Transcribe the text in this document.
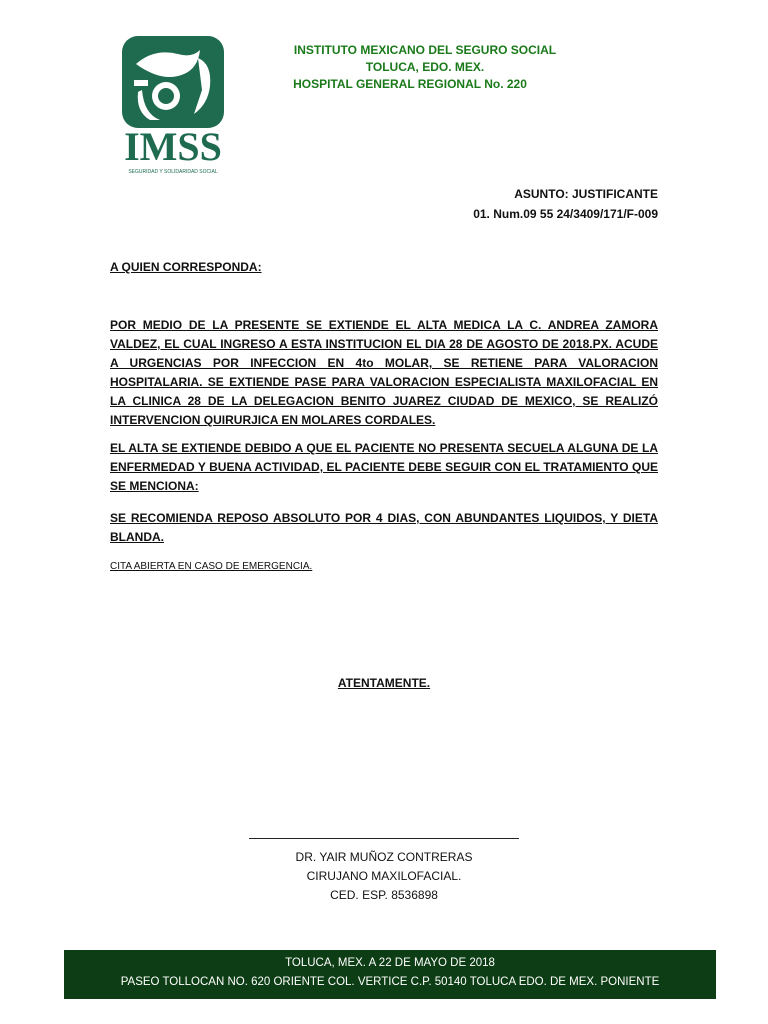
IMSS
SEGURIDAD Y SOLIDARIDAD SOCIAL
INSTITUTO MEXICANO DEL SEGURO SOCIAL
TOLUCA, EDO. MEX.
HOSPITAL GENERAL REGIONAL No. 220
ASUNTO: JUSTIFICANTE
01. Num.09 55 24/3409/171/F-009
A QUIEN CORRESPONDA:
POR MEDIO DE LA PRESENTE SE EXTIENDE EL ALTA MEDICA LA C. ANDREA ZAMORA VALDEZ, EL CUAL INGRESO A ESTA INSTITUCION EL DIA 28 DE AGOSTO DE 2018.PX. ACUDE A URGENCIAS POR INFECCION EN 4to MOLAR, SE RETIENE PARA VALORACION HOSPITALARIA. SE EXTIENDE PASE PARA VALORACION ESPECIALISTA MAXILOFACIAL EN LA CLINICA 28 DE LA DELEGACION BENITO JUAREZ CIUDAD DE MEXICO, SE REALIZÓ INTERVENCION QUIRURJICA EN MOLARES CORDALES.
EL ALTA SE EXTIENDE DEBIDO A QUE EL PACIENTE NO PRESENTA SECUELA ALGUNA DE LA ENFERMEDAD Y BUENA ACTIVIDAD, EL PACIENTE DEBE SEGUIR CON EL TRATAMIENTO QUE SE MENCIONA:
SE RECOMIENDA REPOSO ABSOLUTO POR 4 DIAS, CON ABUNDANTES LIQUIDOS, Y DIETA BLANDA.
CITA ABIERTA EN CASO DE EMERGENCIA.
ATENTAMENTE.
DR. YAIR MUÑOZ CONTRERAS
CIRUJANO MAXILOFACIAL.
CED. ESP. 8536898
TOLUCA, MEX. A 22 DE MAYO DE 2018
PASEO TOLLOCAN NO. 620 ORIENTE COL. VERTICE C.P. 50140 TOLUCA EDO. DE MEX. PONIENTE
